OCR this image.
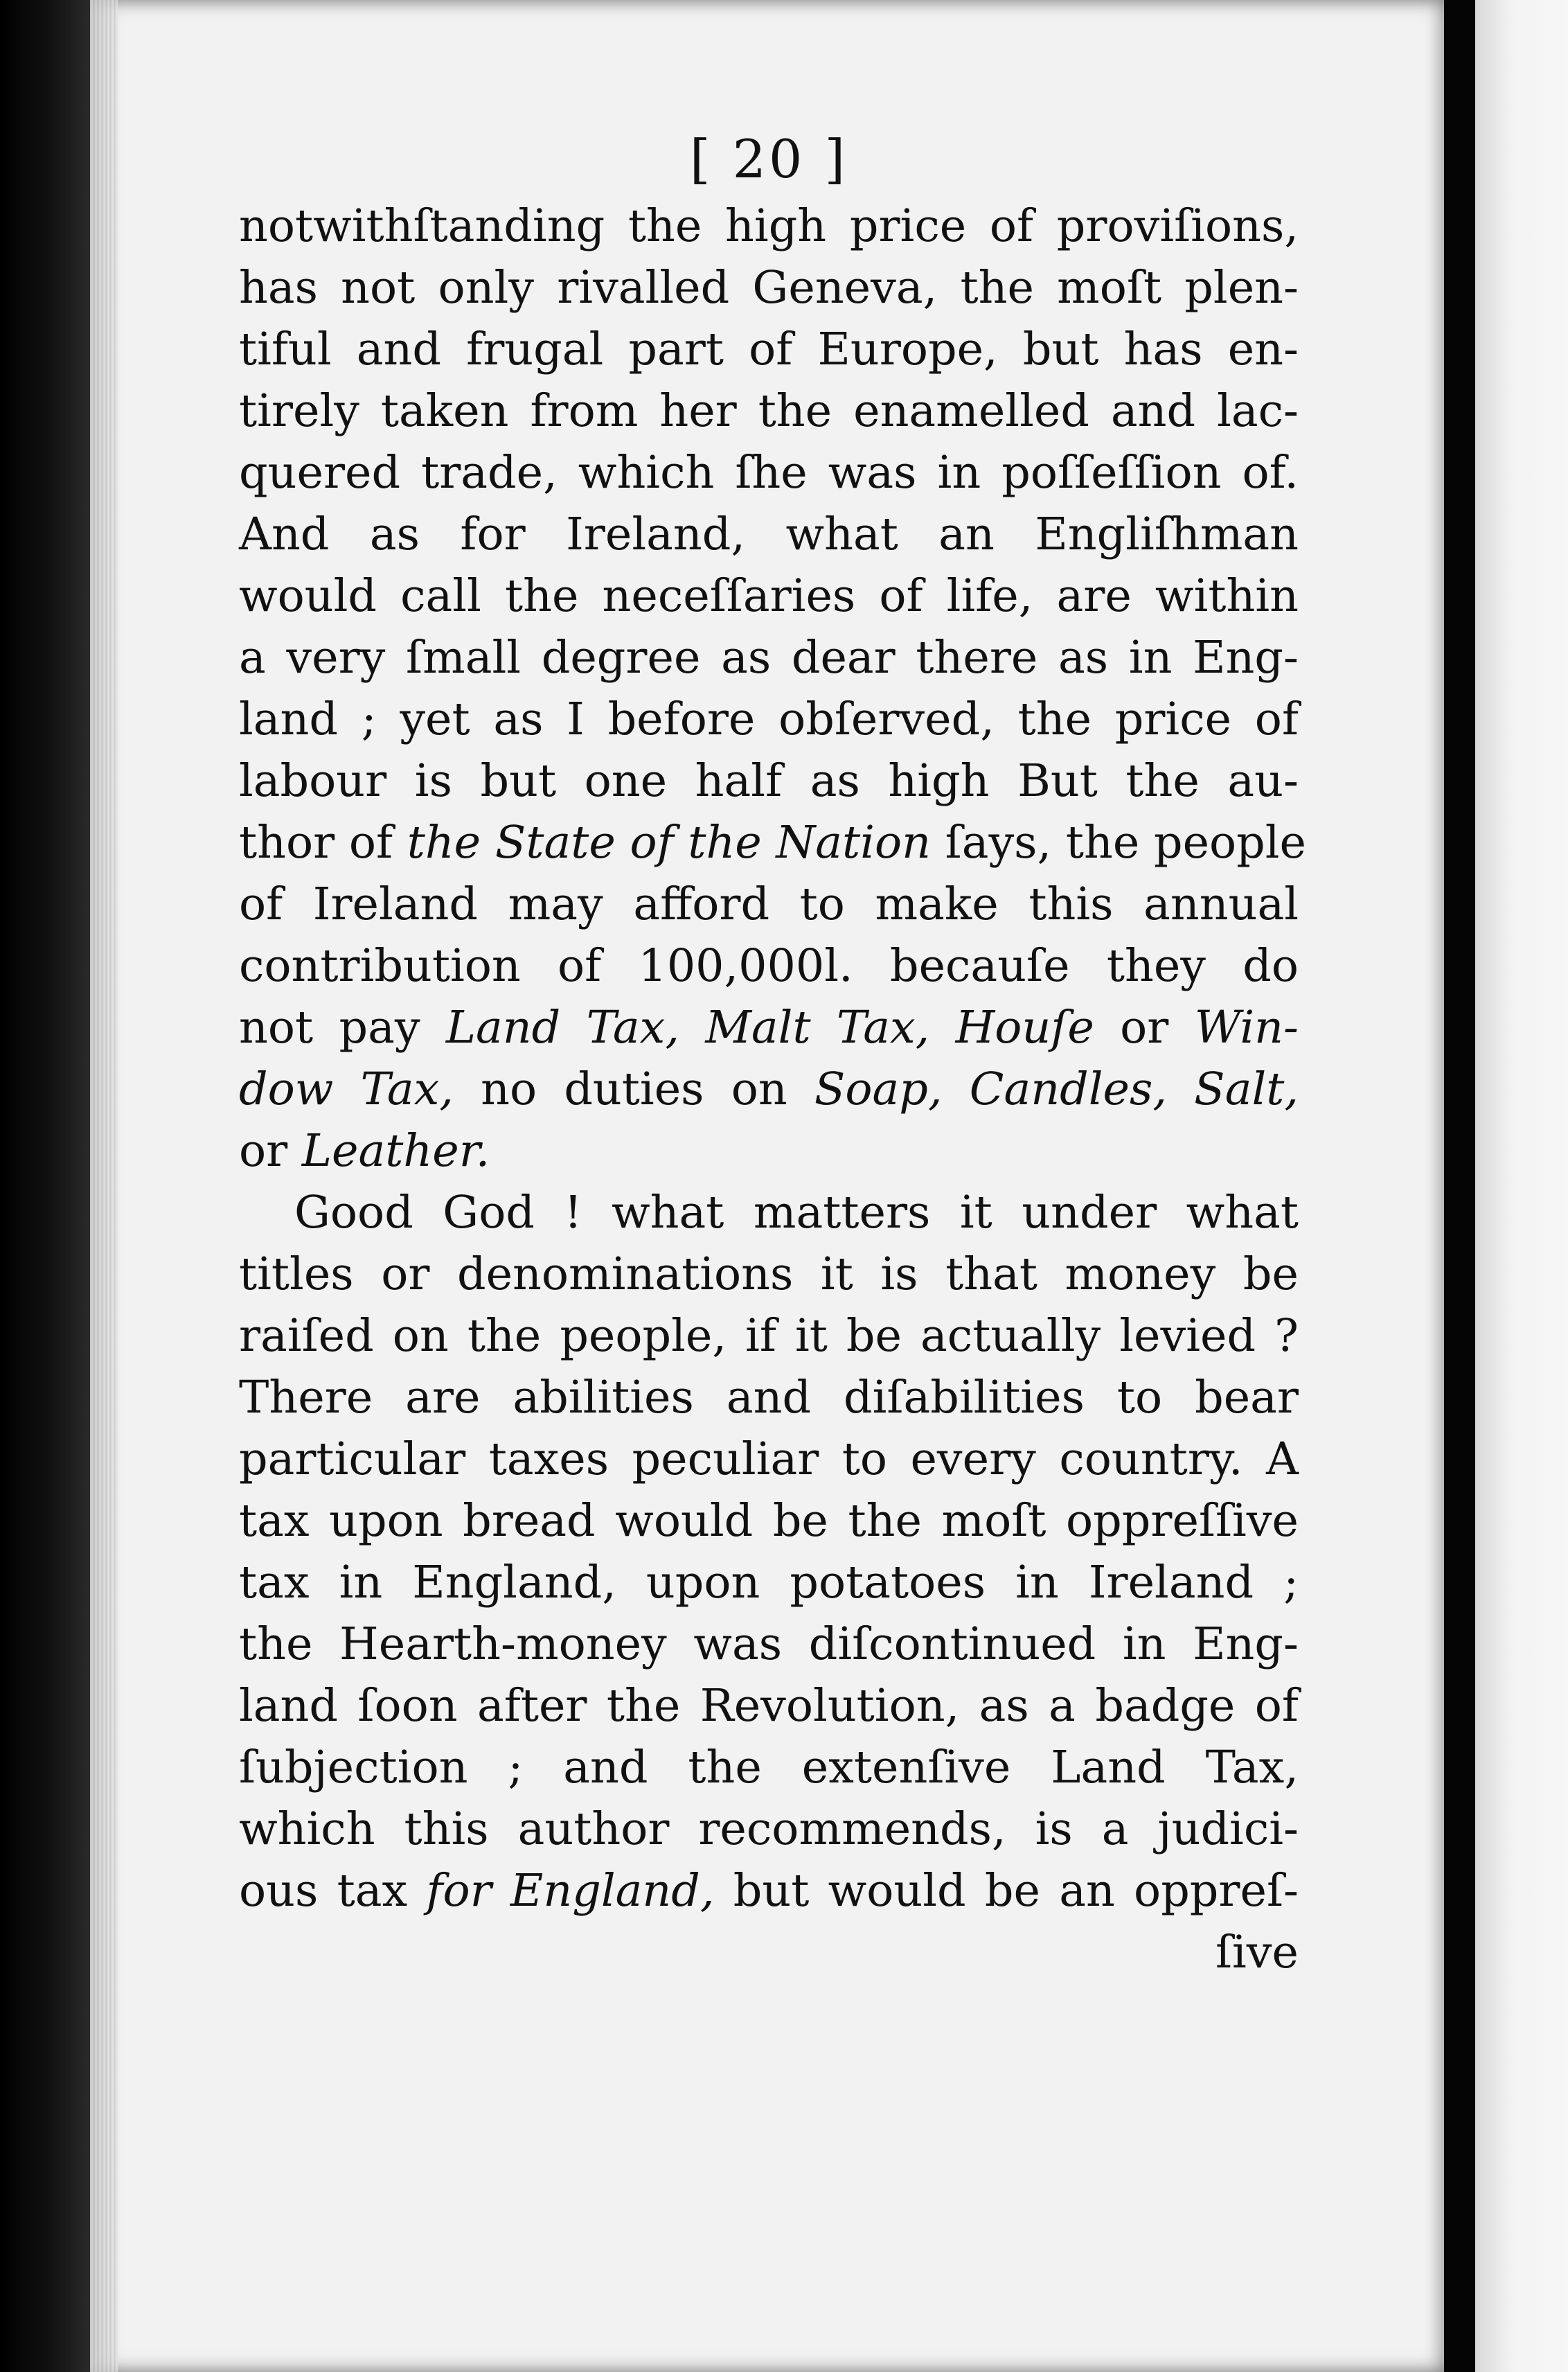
[ 20 ]
notwithſtanding the high price of proviſions,
has not only rivalled Geneva, the moſt plen-
tiful and frugal part of Europe, but has en-
tirely taken from her the enamelled and lac-
quered trade, which ſhe was in poſſeſſion of.
And as for Ireland, what an Engliſhman
would call the neceſſaries of life, are within
a very ſmall degree as dear there as in Eng-
land ; yet as I before obſerved, the price of
labour is but one half as high But the au-
thor of the State of the Nation ſays, the people
of Ireland may afford to make this annual
contribution of 100,000l. becauſe they do
not pay Land Tax, Malt Tax, Houſe or Win-
dow Tax, no duties on Soap, Candles, Salt,
or Leather.
Good God ! what matters it under what
titles or denominations it is that money be
raiſed on the people, if it be actually levied ?
There are abilities and diſabilities to bear
particular taxes peculiar to every country. A
tax upon bread would be the moſt oppreſſive
tax in England, upon potatoes in Ireland ;
the Hearth-money was diſcontinued in Eng-
land ſoon after the Revolution, as a badge of
ſubjection ; and the extenſive Land Tax,
which this author recommends, is a judici-
ous tax for England, but would be an oppreſ-
ſive
